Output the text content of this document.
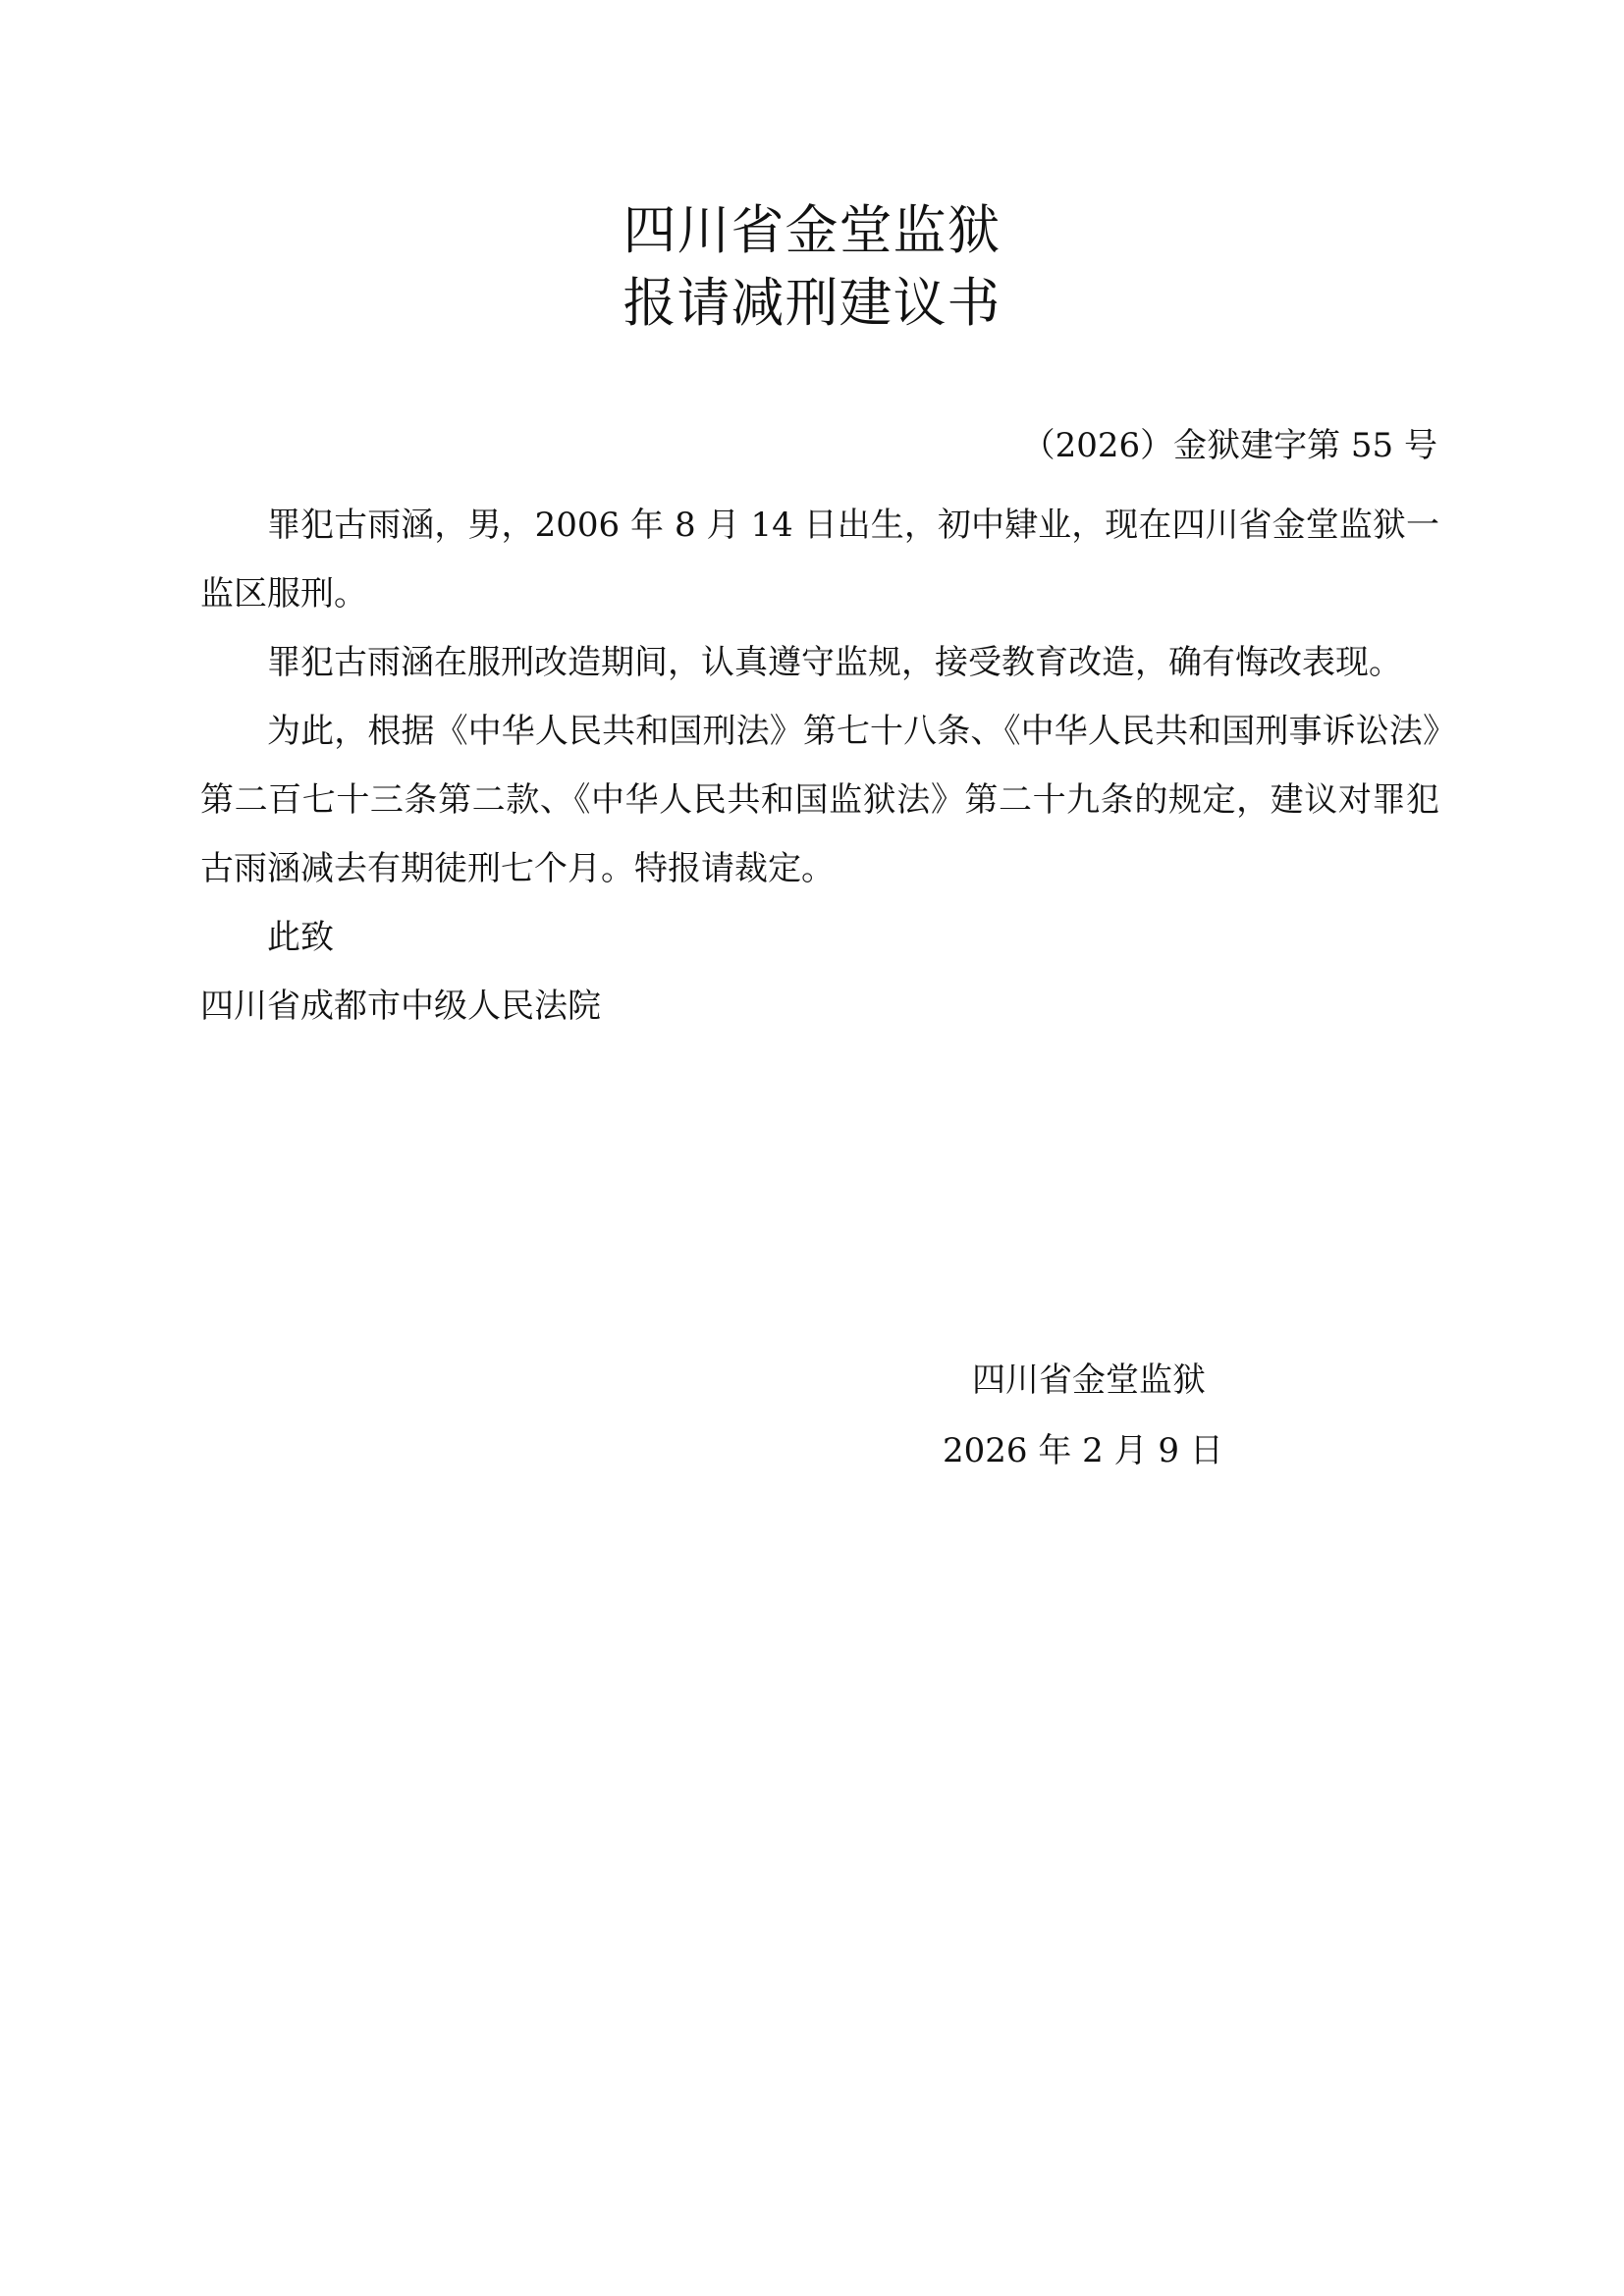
四川省金堂监狱
报请减刑建议书
（2026）金狱建字第 55 号

罪犯古雨涵，男，2006 年 8 月 14 日出生，初中肄业，现在四川省金堂监狱一监区服刑。

罪犯古雨涵在服刑改造期间，认真遵守监规，接受教育改造，确有悔改表现。

为此，根据《中华人民共和国刑法》第七十八条、《中华人民共和国刑事诉讼法》第二百七十三条第二款、《中华人民共和国监狱法》第二十九条的规定，建议对罪犯古雨涵减去有期徒刑七个月。特报请裁定。

此致

四川省成都市中级人民法院

四川省金堂监狱
2026 年 2 月 9 日
